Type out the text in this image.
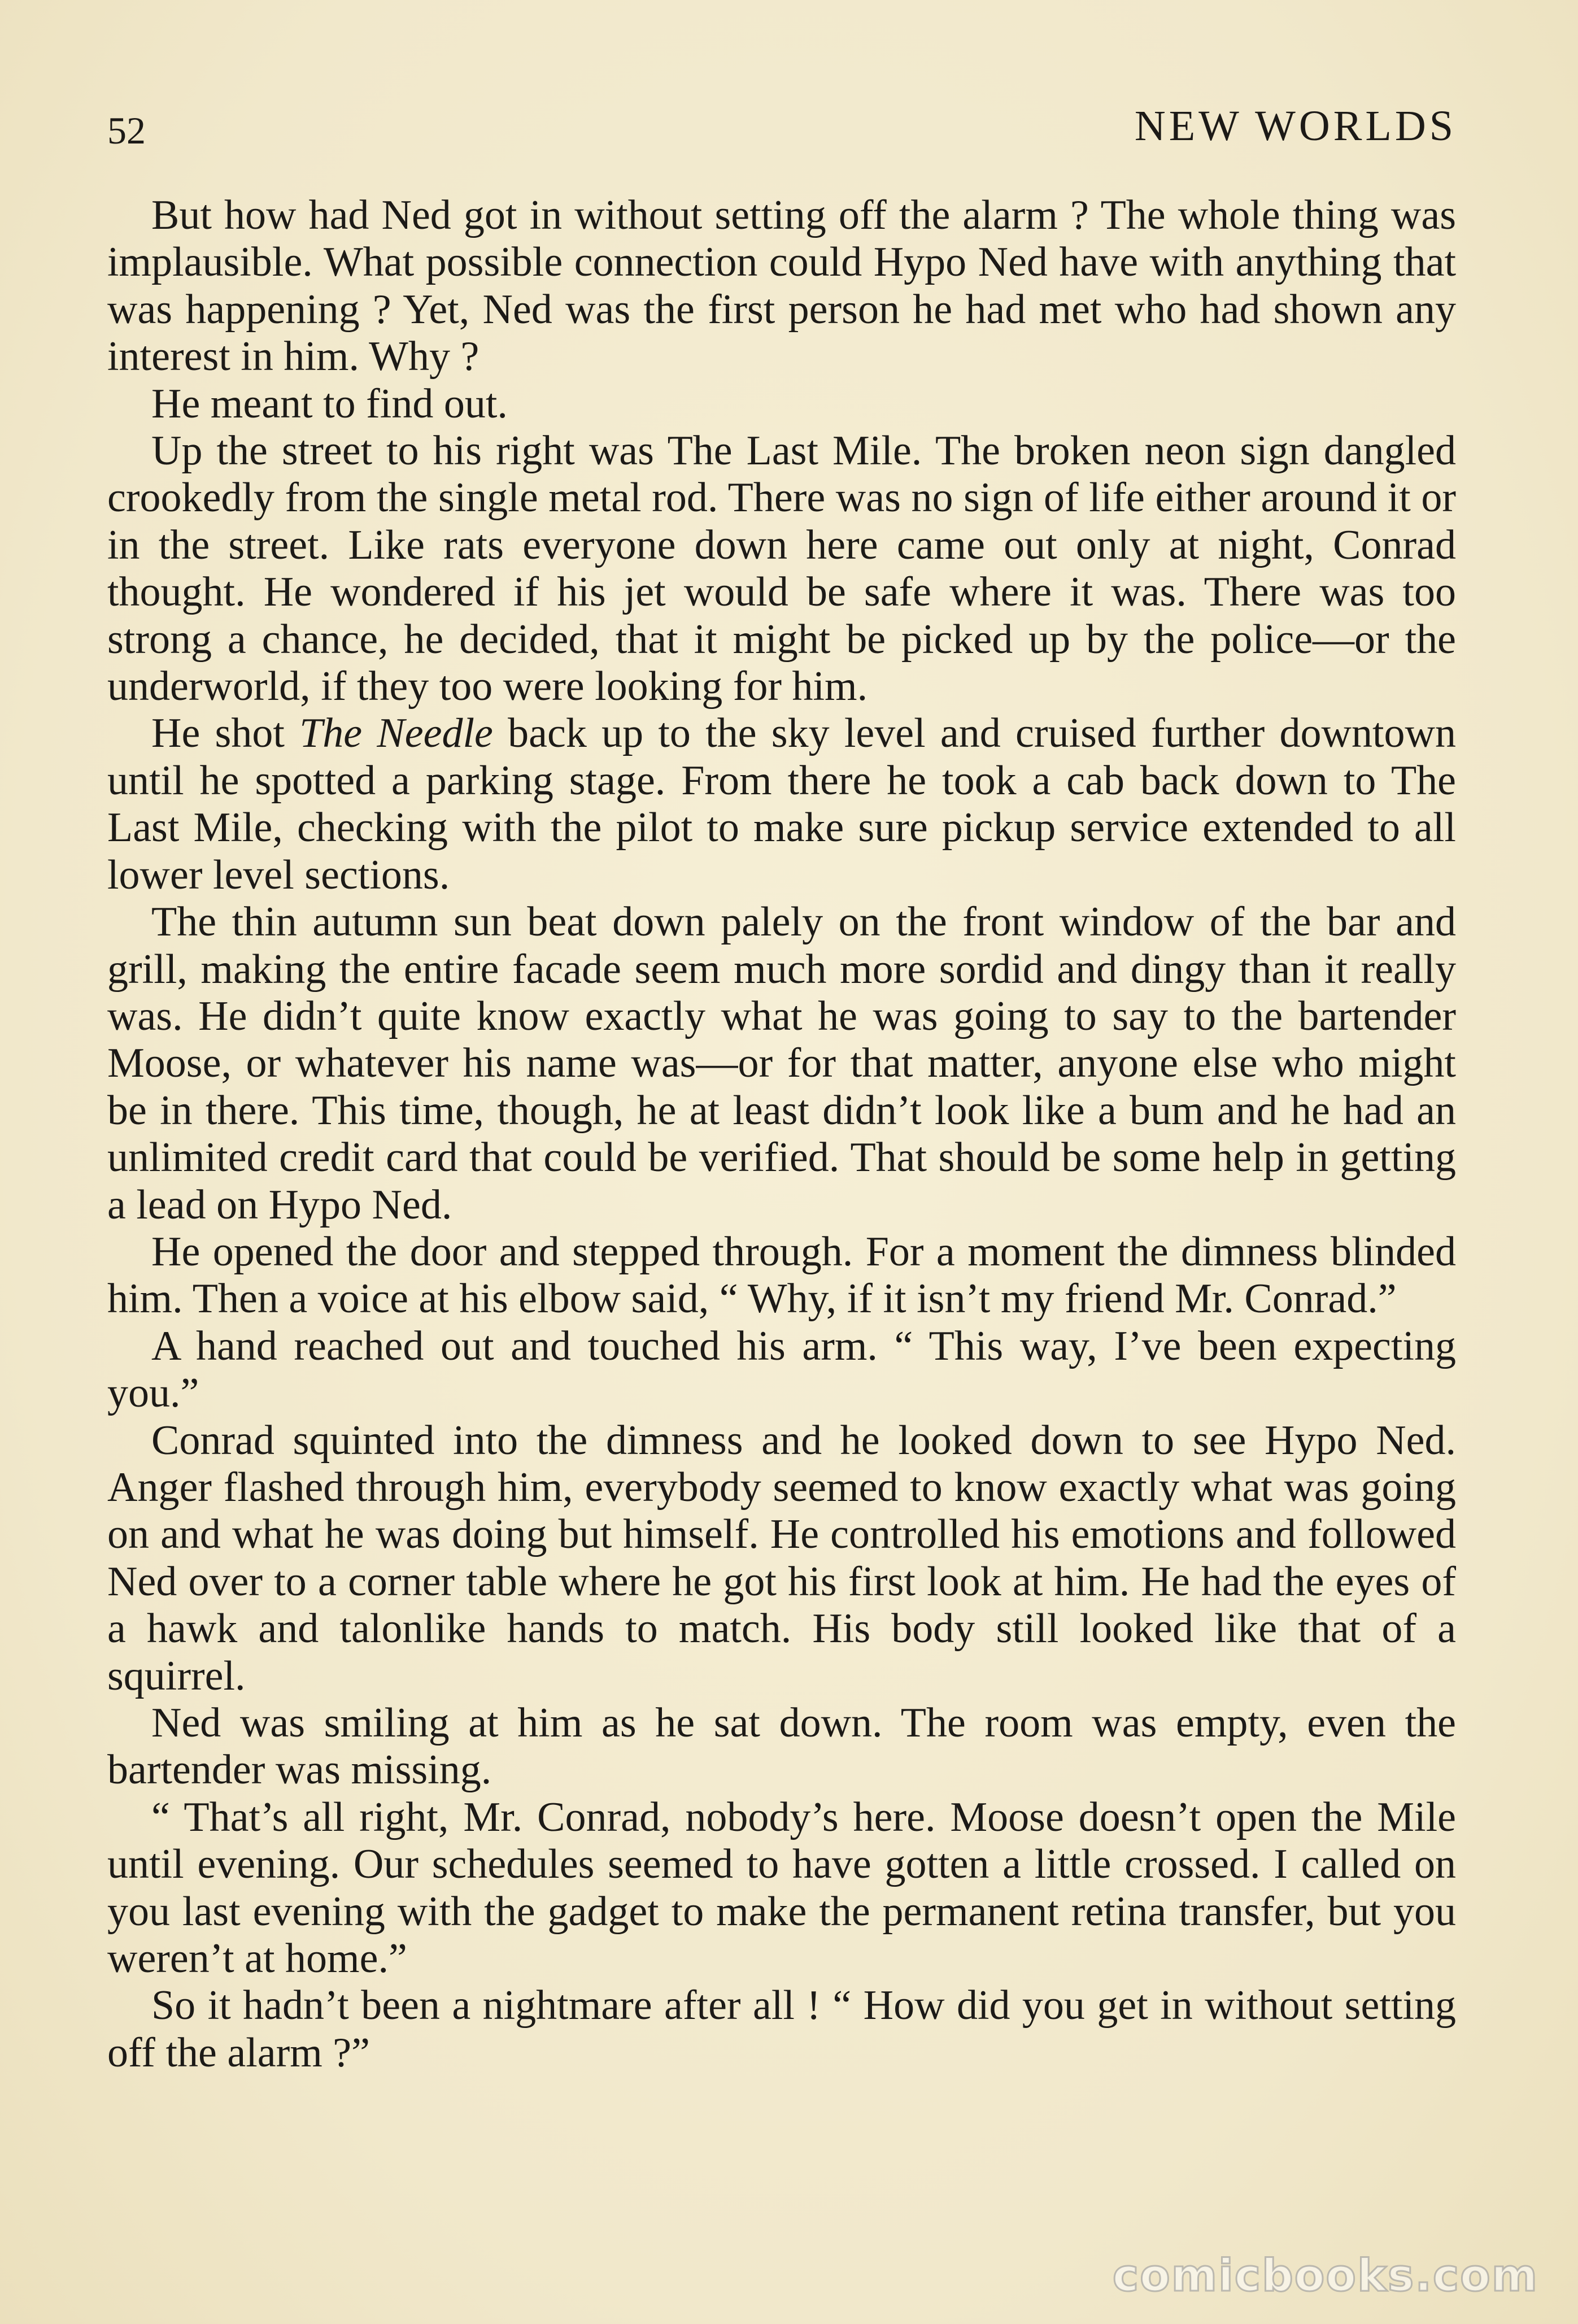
52	NEW WORLDS

But how had Ned got in without setting off the alarm ? The whole thing was implausible. What possible connection could Hypo Ned have with anything that was happening ? Yet, Ned was the first person he had met who had shown any interest in him. Why ?

He meant to find out.

Up the street to his right was The Last Mile. The broken neon sign dangled crookedly from the single metal rod. There was no sign of life either around it or in the street. Like rats everyone down here came out only at night, Conrad thought. He wondered if his jet would be safe where it was. There was too strong a chance, he decided, that it might be picked up by the police—or the underworld, if they too were looking for him.

He shot The Needle back up to the sky level and cruised further downtown until he spotted a parking stage. From there he took a cab back down to The Last Mile, checking with the pilot to make sure pickup service extended to all lower level sections.

The thin autumn sun beat down palely on the front window of the bar and grill, making the entire facade seem much more sordid and dingy than it really was. He didn’t quite know exactly what he was going to say to the bartender Moose, or whatever his name was—or for that matter, anyone else who might be in there. This time, though, he at least didn’t look like a bum and he had an unlimited credit card that could be verified. That should be some help in getting a lead on Hypo Ned.

He opened the door and stepped through. For a moment the dimness blinded him. Then a voice at his elbow said, “ Why, if it isn’t my friend Mr. Conrad.”

A hand reached out and touched his arm. “ This way, I’ve been expecting you.”

Conrad squinted into the dimness and he looked down to see Hypo Ned. Anger flashed through him, everybody seemed to know exactly what was going on and what he was doing but himself. He controlled his emotions and followed Ned over to a corner table where he got his first look at him. He had the eyes of a hawk and talonlike hands to match. His body still looked like that of a squirrel.

Ned was smiling at him as he sat down. The room was empty, even the bartender was missing.

“ That’s all right, Mr. Conrad, nobody’s here. Moose doesn’t open the Mile until evening. Our schedules seemed to have gotten a little crossed. I called on you last evening with the gadget to make the permanent retina transfer, but you weren’t at home.”

So it hadn’t been a nightmare after all ! “ How did you get in without setting off the alarm ?”

comicbooks.com
